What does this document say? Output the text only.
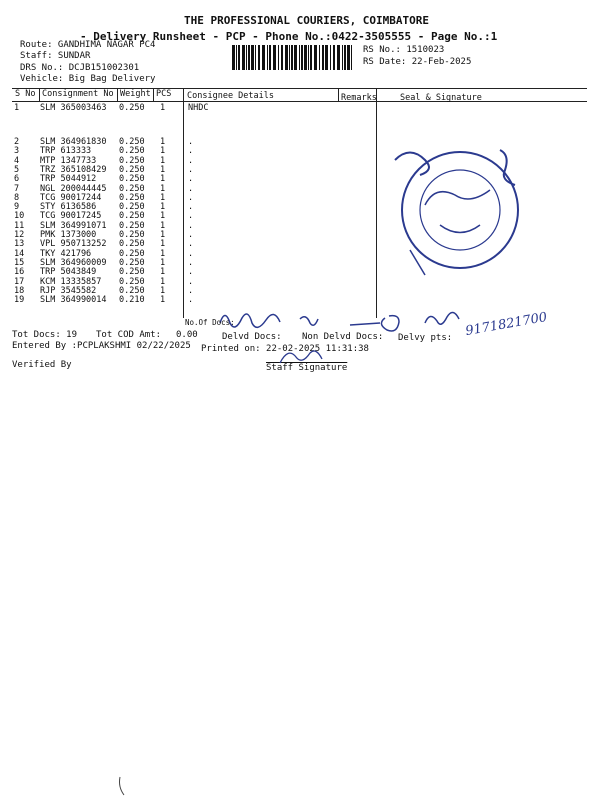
THE PROFESSIONAL COURIERS, COIMBATORE
- Delivery Runsheet - PCP - Phone No.:0422-3505555 - Page No.:1
Route: GANDHIMA NAGAR PC4
Staff: SUNDAR
DRS No.: DCJB151002301
Vehicle: Big Bag Delivery
RS No.: 1510023
RS Date: 22-Feb-2025
S No Consignment No Weight PCS Consignee Details	Remarks	Seal & Signature
1 SLM 365003463 0.250 1	NHDC
2 SLM 364961830 0.250 1	.
3 TRP 613333	0.250 1	.
4 MTP 1347733	0.250 1	.
5 TRZ 365108429 0.250 1	.
6 TRP 5044912	0.250 1	.
7 NGL 200044445 0.250 1	.
8 TCG 90017244 0.250 1	.
9 STY 6136586	0.250 1	.
10 TCG 90017245 0.250 1	.
11 SLM 364991071 0.250 1	.
12 PMK 1373000	0.250 1	.
13 VPL 950713252 0.250 1	.
14 TKY 421796	0.250 1	.
15 SLM 364960009 0.250 1	.
16 TRP 5043849	0.250 1	.
17 KCM 13335857 0.250 1	.
18 RJP 3545582	0.250 1	.
19 SLM 364990014 0.210 1	.
9171821700
No.Of Docs:
Tot Docs: 19 Tot COD Amt: 0.00	Delvd Docs: Non Delvd Docs: Delvy pts:
Entered By :PCPLAKSHMI 02/22/2025 Printed on: 22-02-2025 11:31:38
Staff Signature
Verified By
